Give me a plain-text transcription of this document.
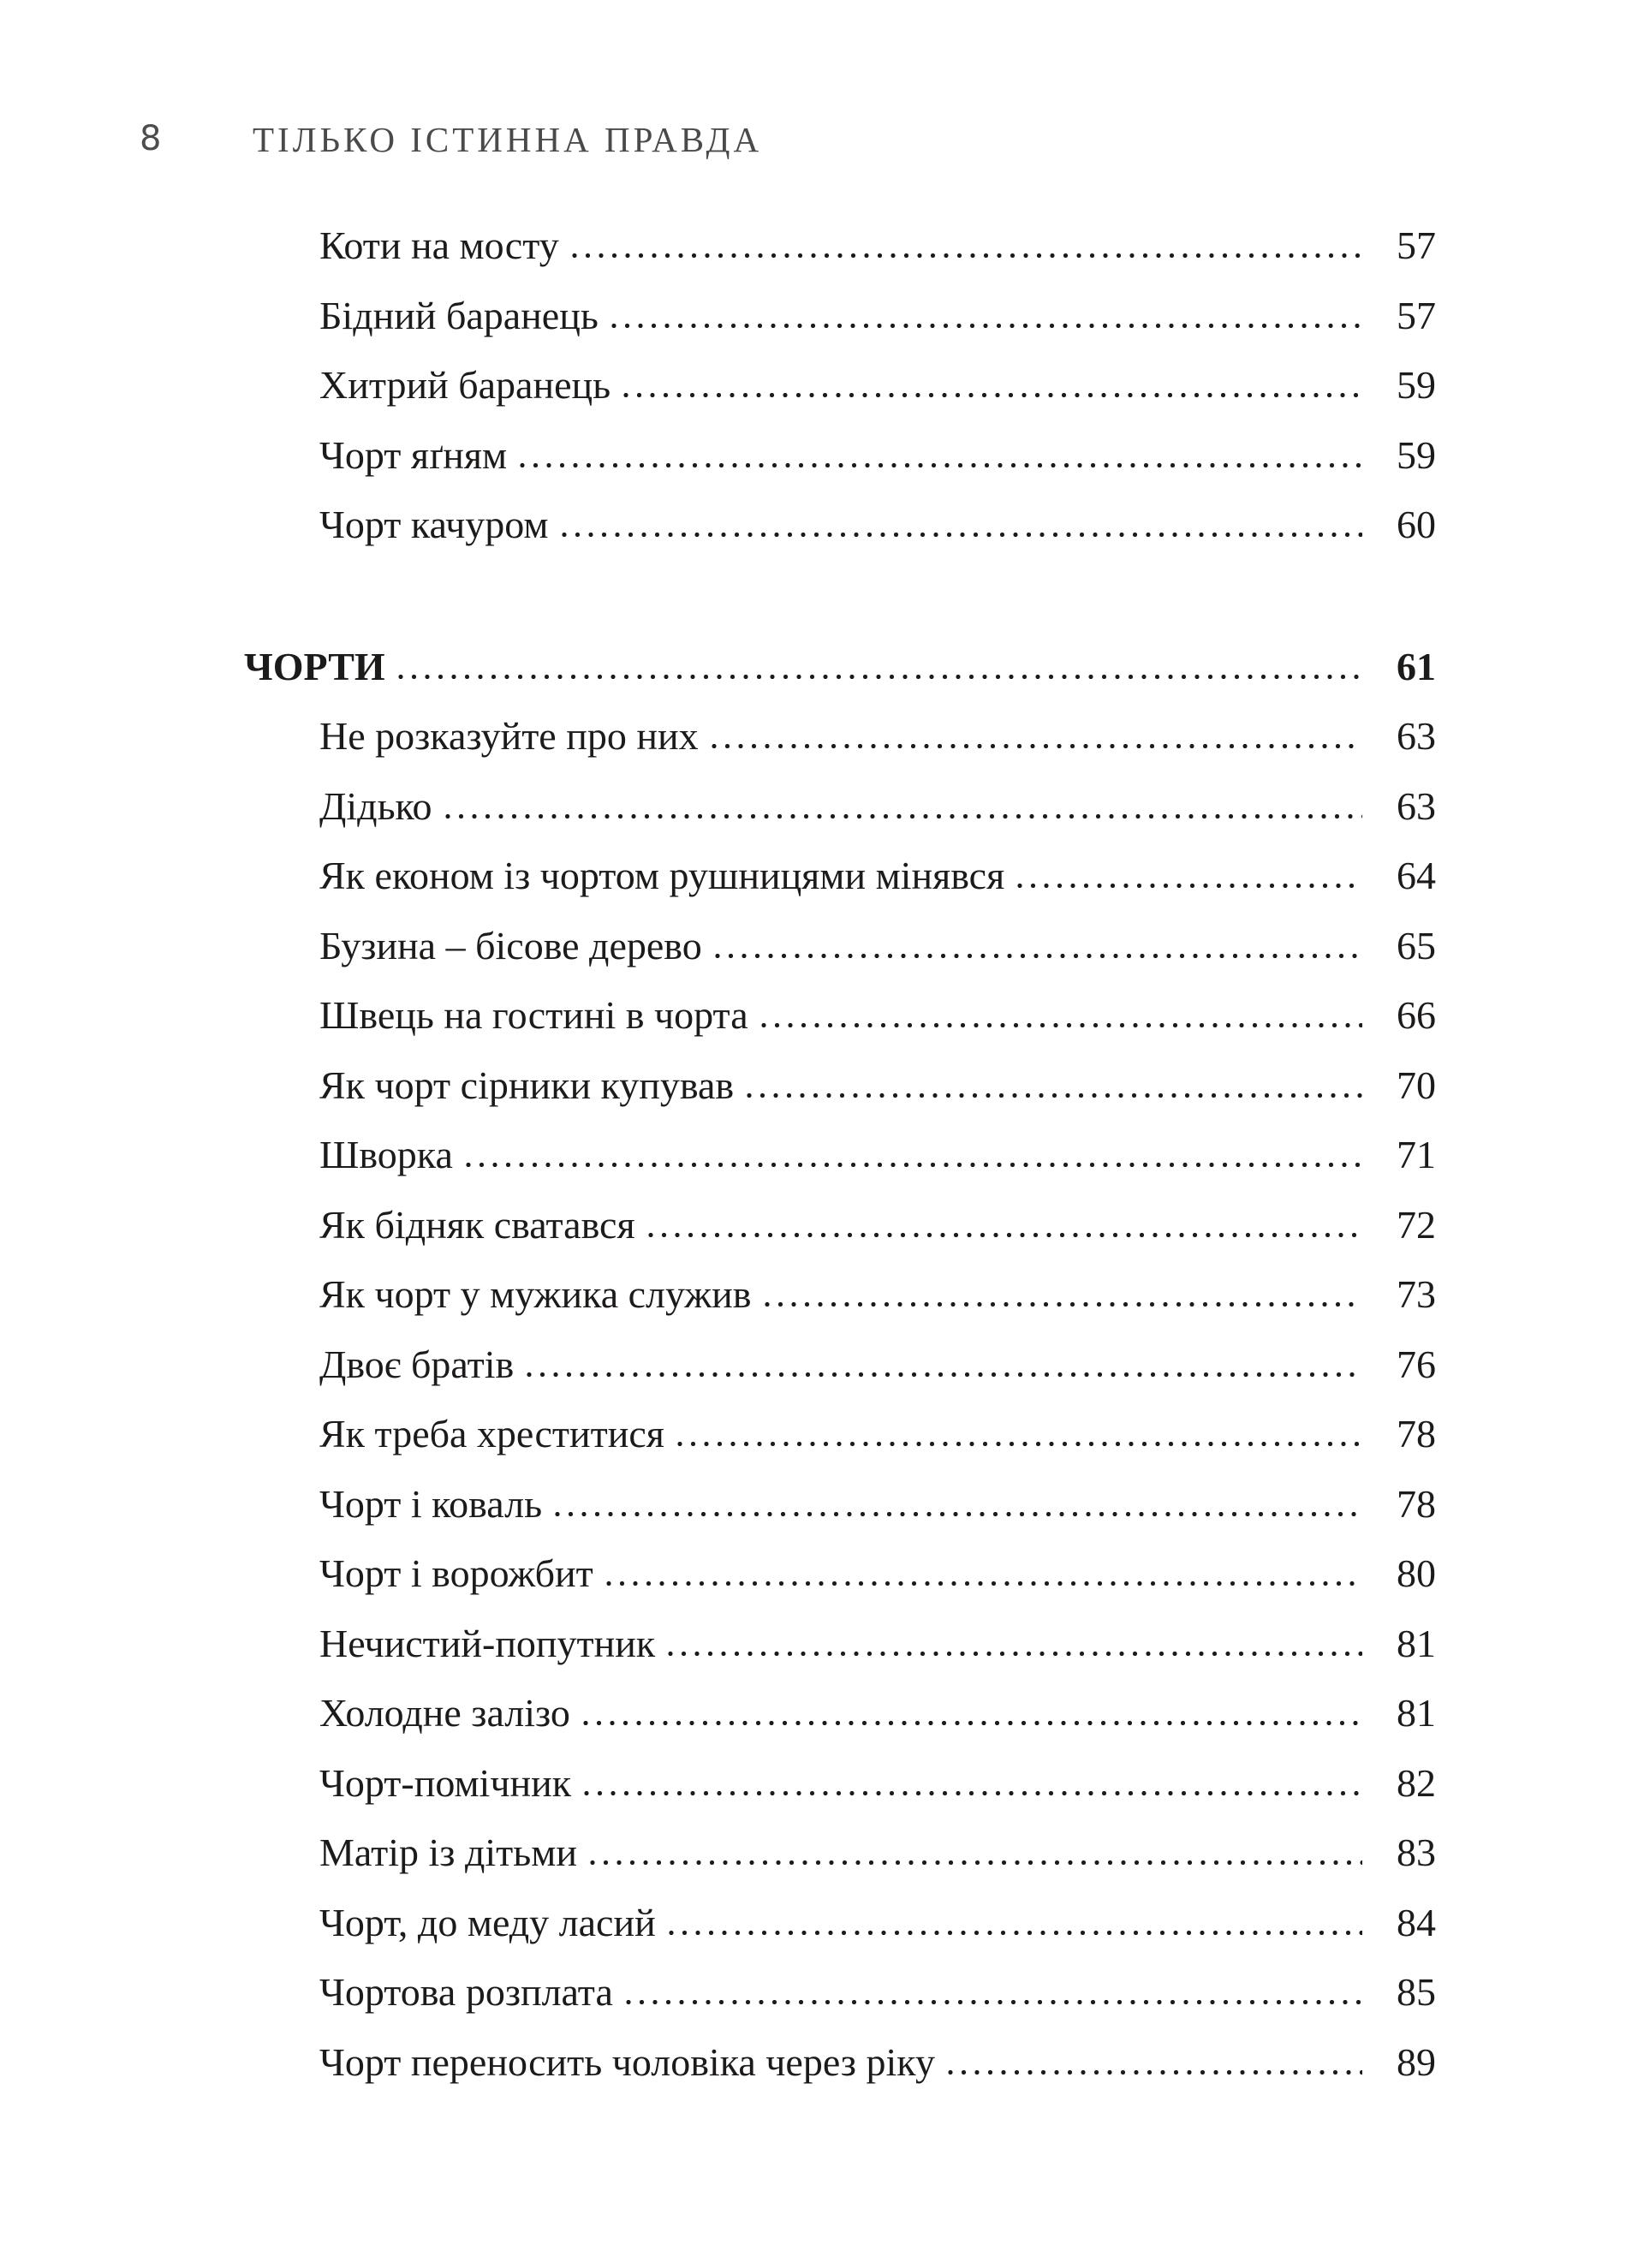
8	ТІЛЬКО ІСТИННА ПРАВДА
Коти на мосту	57
Бідний баранець	57
Хитрий баранець	59
Чорт яґням	59
Чорт качуром	60
ЧОРТИ	61
Не розказуйте про них	63
Дідько	63
Як економ із чортом рушницями мінявся	64
Бузина – бісове дерево	65
Швець на гостині в чорта	66
Як чорт сірники купував	70
Шворка	71
Як бідняк сватався	72
Як чорт у мужика служив	73
Двоє братів	76
Як треба хреститися	78
Чорт і коваль	78
Чорт і ворожбит	80
Нечистий-попутник	81
Холодне залізо	81
Чорт-помічник	82
Матір із дітьми	83
Чорт, до меду ласий	84
Чортова розплата	85
Чорт переносить чоловіка через ріку	89
